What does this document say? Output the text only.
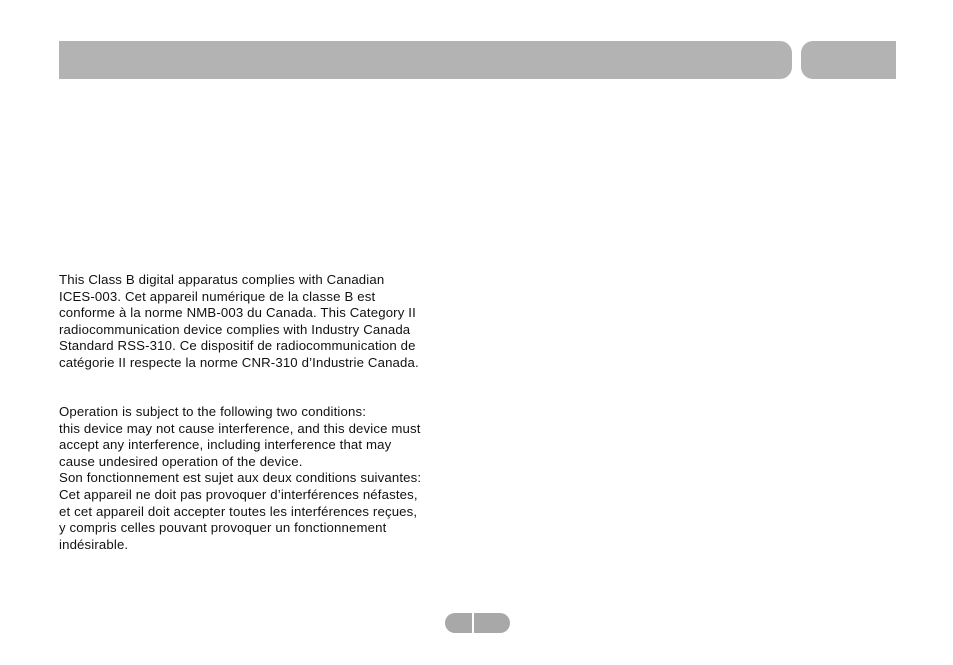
This Class B digital apparatus complies with Canadian
ICES-003. Cet appareil numérique de la classe B est
conforme à la norme NMB-003 du Canada. This Category II
radiocommunication device complies with Industry Canada
Standard RSS-310. Ce dispositif de radiocommunication de
catégorie II respecte la norme CNR-310 d’Industrie Canada.

Operation is subject to the following two conditions:
this device may not cause interference, and this device must
accept any interference, including interference that may
cause undesired operation of the device.
Son fonctionnement est sujet aux deux conditions suivantes:
Cet appareil ne doit pas provoquer d’interférences néfastes,
et cet appareil doit accepter toutes les interférences reçues,
y compris celles pouvant provoquer un fonctionnement
indésirable.
